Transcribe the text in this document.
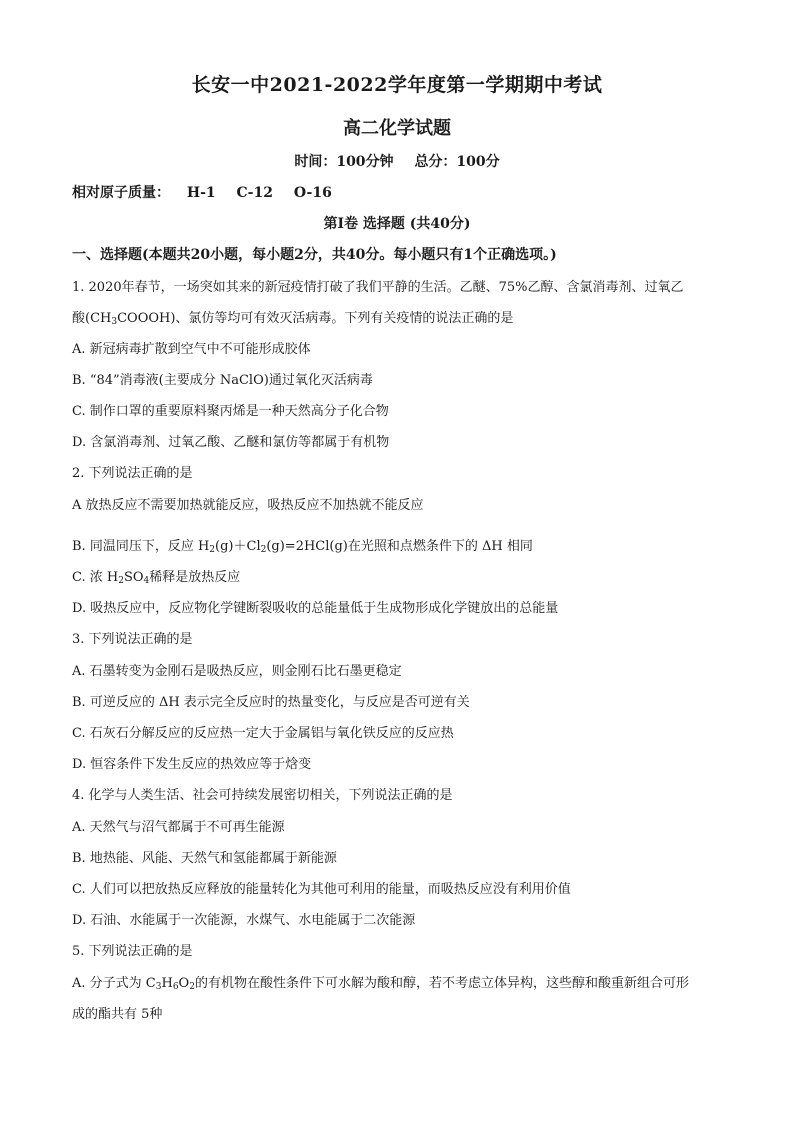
长安一中2021-2022学年度第一学期期中考试
高二化学试题
时间：100分钟 总分：100分
相对原子质量： H-1 C-12 O-16
第Ⅰ卷 选择题 (共40分)
一、选择题(本题共20小题，每小题2分，共40分。每小题只有1个正确选项。)
1. 2020年春节，一场突如其来的新冠疫情打破了我们平静的生活。乙醚、75%乙醇、含氯消毒剂、过氧乙
酸$(CH_3COOOH)$、氯仿等均可有效灭活病毒。下列有关疫情的说法正确的是
A. 新冠病毒扩散到空气中不可能形成胶体
B. “84”消毒液(主要成分 NaClO)通过氧化灭活病毒
C. 制作口罩的重要原料聚丙烯是一种天然高分子化合物
D. 含氯消毒剂、过氧乙酸、乙醚和氯仿等都属于有机物
2. 下列说法正确的是
A 放热反应不需要加热就能反应，吸热反应不加热就不能反应
B. 同温同压下，反应 $H_2(g)+Cl_2(g)=2HCl(g)$在光照和点燃条件下的 ΔH 相同
C. 浓 $H_2SO_4$稀释是放热反应
D. 吸热反应中，反应物化学键断裂吸收的总能量低于生成物形成化学键放出的总能量
3. 下列说法正确的是
A. 石墨转变为金刚石是吸热反应，则金刚石比石墨更稳定
B. 可逆反应的 ΔH 表示完全反应时的热量变化，与反应是否可逆有关
C. 石灰石分解反应的反应热一定大于金属铝与氧化铁反应的反应热
D. 恒容条件下发生反应的热效应等于焓变
4. 化学与人类生活、社会可持续发展密切相关，下列说法正确的是
A. 天然气与沼气都属于不可再生能源
B. 地热能、风能、天然气和氢能都属于新能源
C. 人们可以把放热反应释放的能量转化为其他可利用的能量，而吸热反应没有利用价值
D. 石油、水能属于一次能源，水煤气、水电能属于二次能源
5. 下列说法正确的是
A. 分子式为 $C_3H_6O_2$的有机物在酸性条件下可水解为酸和醇，若不考虑立体异构，这些醇和酸重新组合可形
成的酯共有 5种
